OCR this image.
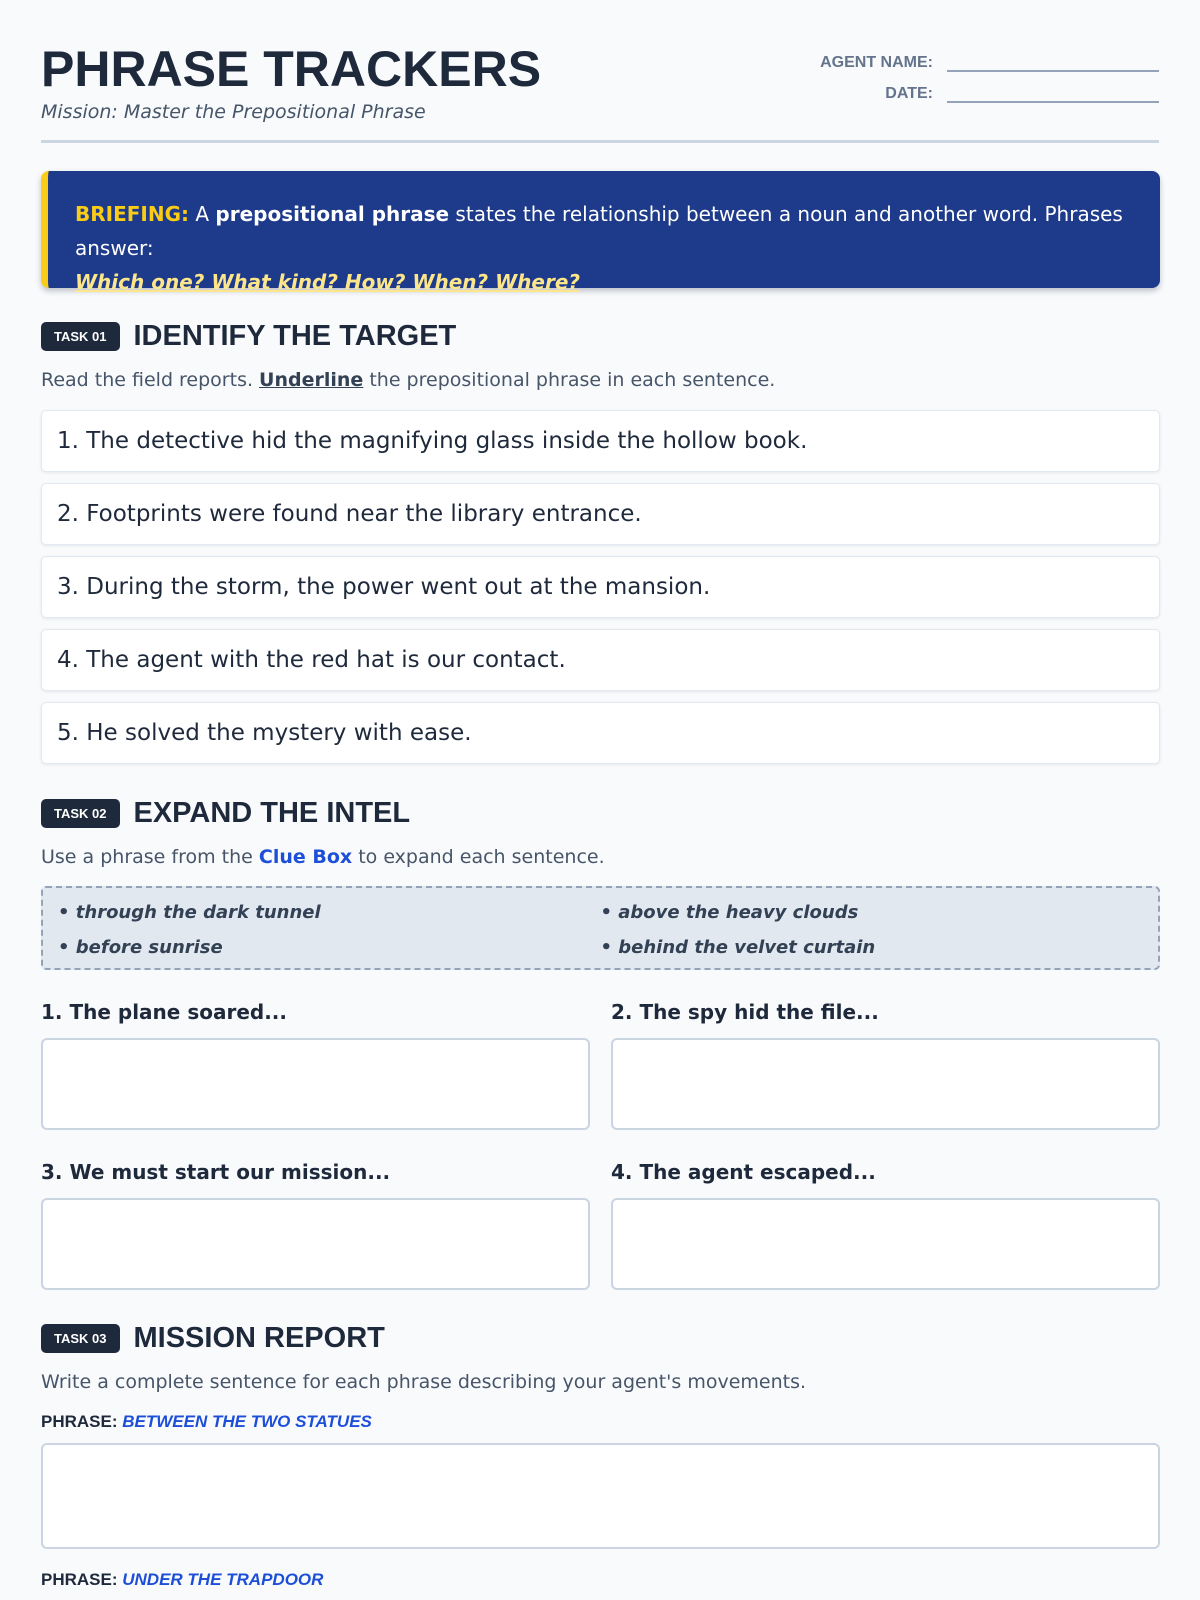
PHRASE TRACKERS
Mission: Master the Prepositional Phrase
AGENT NAME:
DATE:
BRIEFING: A prepositional phrase states the relationship between a noun and another word. Phrases answer:
Which one? What kind? How? When? Where?
TASK 01 IDENTIFY THE TARGET
Read the field reports. Underline the prepositional phrase in each sentence.
1. The detective hid the magnifying glass inside the hollow book.
2. Footprints were found near the library entrance.
3. During the storm, the power went out at the mansion.
4. The agent with the red hat is our contact.
5. He solved the mystery with ease.
TASK 02 EXPAND THE INTEL
Use a phrase from the Clue Box to expand each sentence.
• through the dark tunnel	• above the heavy clouds
• before sunrise	• behind the velvet curtain
1. The plane soared...	2. The spy hid the file...
3. We must start our mission...	4. The agent escaped...
TASK 03 MISSION REPORT
Write a complete sentence for each phrase describing your agent's movements.
PHRASE: BETWEEN THE TWO STATUES
PHRASE: UNDER THE TRAPDOOR
